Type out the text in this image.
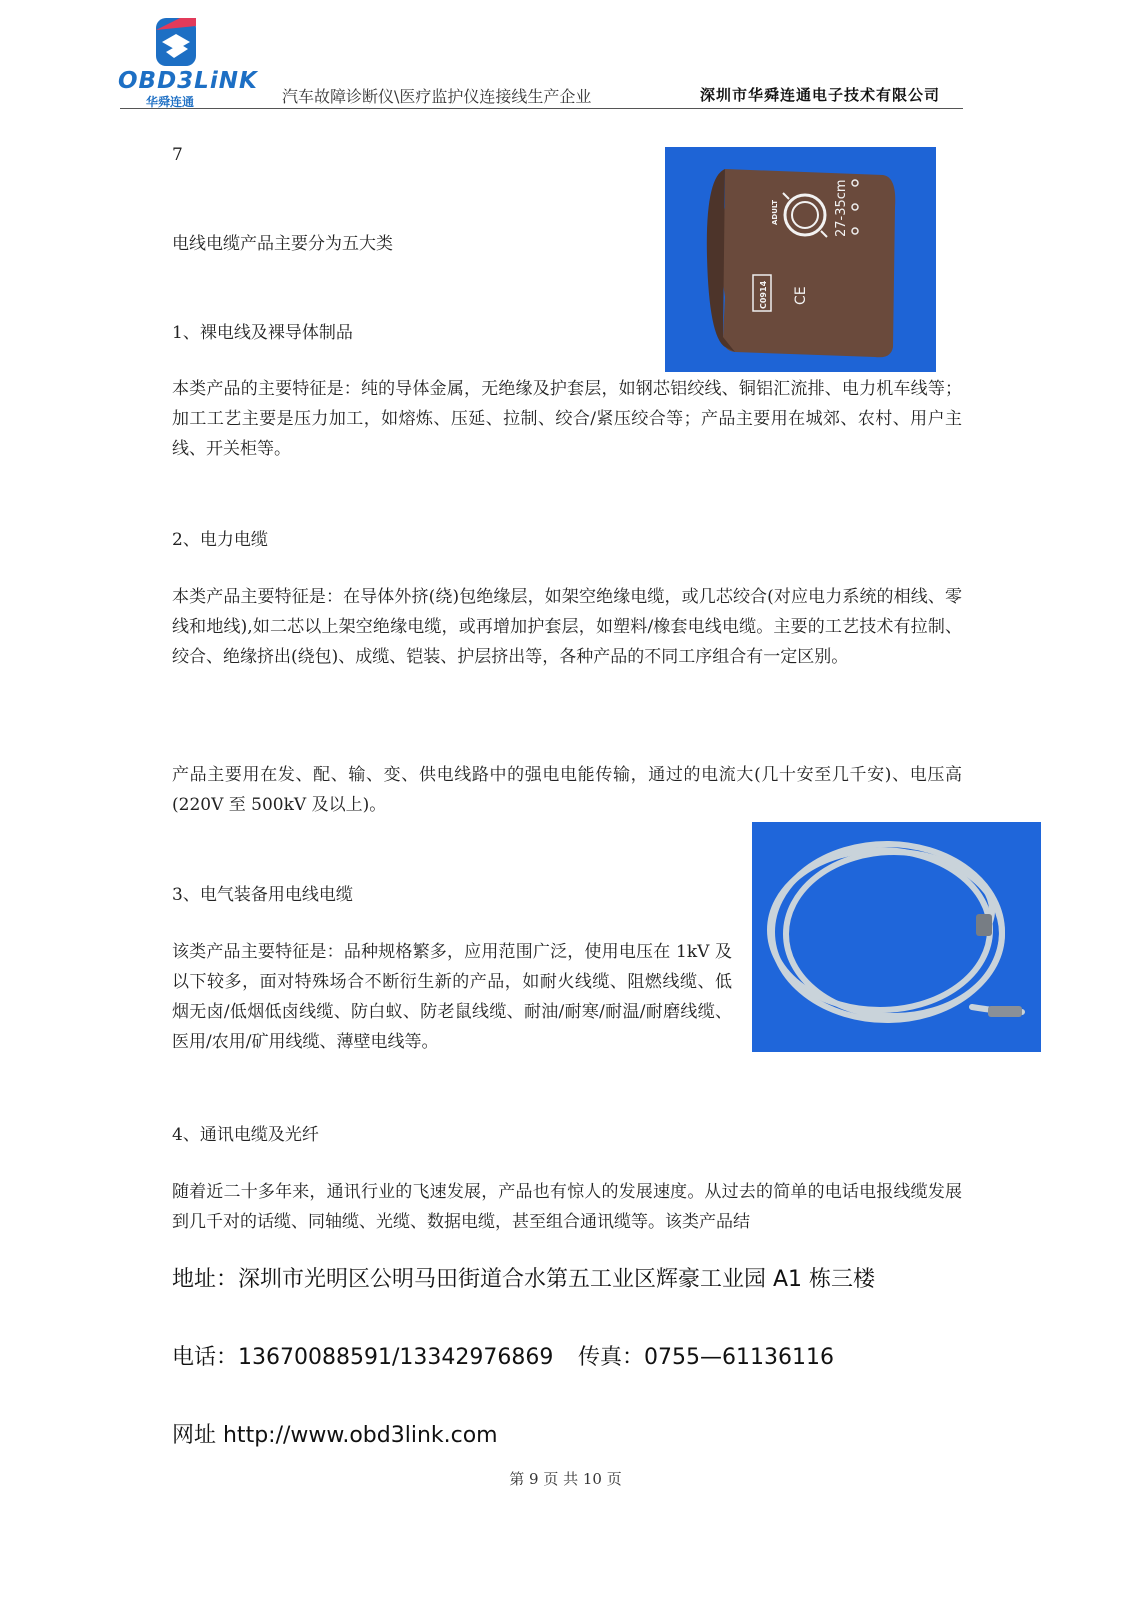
OBD3LiNK
华舜连通	汽车故障诊断仪\医疗监护仪连接线生产企业	深圳市华舜连通电子技术有限公司
7
电线电缆产品主要分为五大类
1、裸电线及裸导体制品
本类产品的主要特征是：纯的导体金属，无绝缘及护套层，如钢芯铝绞线、铜铝汇流排、电力机车线等；加工工艺主要是压力加工，如熔炼、压延、拉制、绞合/紧压绞合等；产品主要用在城郊、农村、用户主线、开关柜等。
2、电力电缆
本类产品主要特征是：在导体外挤(绕)包绝缘层，如架空绝缘电缆，或几芯绞合(对应电力系统的相线、零线和地线),如二芯以上架空绝缘电缆，或再增加护套层，如塑料/橡套电线电缆。主要的工艺技术有拉制、绞合、绝缘挤出(绕包)、成缆、铠装、护层挤出等，各种产品的不同工序组合有一定区别。
产品主要用在发、配、输、变、供电线路中的强电电能传输，通过的电流大(几十安至几千安)、电压高(220V 至 500kV 及以上)。
3、电气装备用电线电缆
该类产品主要特征是：品种规格繁多，应用范围广泛，使用电压在 1kV 及以下较多，面对特殊场合不断衍生新的产品，如耐火线缆、阻燃线缆、低烟无卤/低烟低卤线缆、防白蚁、防老鼠线缆、耐油/耐寒/耐温/耐磨线缆、医用/农用/矿用线缆、薄壁电线等。
4、通讯电缆及光纤
随着近二十多年来，通讯行业的飞速发展，产品也有惊人的发展速度。从过去的简单的电话电报线缆发展到几千对的话缆、同轴缆、光缆、数据电缆，甚至组合通讯缆等。该类产品结
27-35cm
ADULT
C0914 CE
地址：深圳市光明区公明马田街道合水第五工业区辉豪工业园 A1 栋三楼
电话：13670088591/13342976869 传真：0755—61136116
网址 http://www.obd3link.com
第 9 页 共 10 页
